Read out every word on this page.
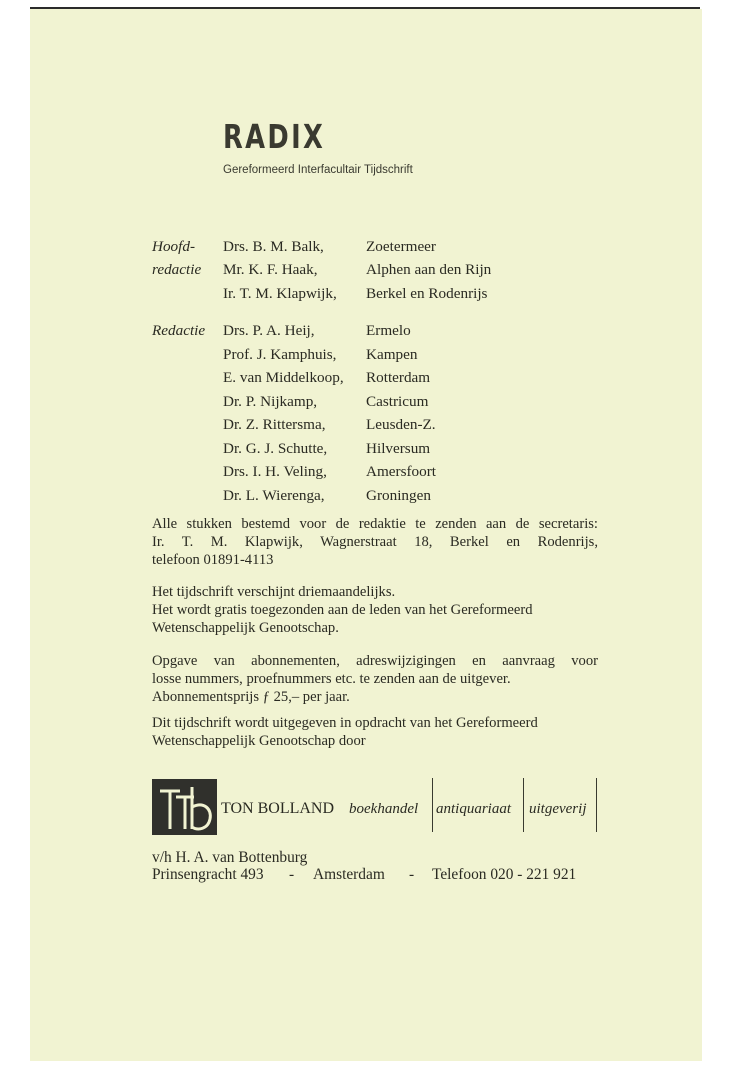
RADIX
Gereformeerd Interfacultair Tijdschrift
Hoofd-
redactie
Drs. B. M. Balk,	Zoetermeer
Mr. K. F. Haak,	Alphen aan den Rijn
Ir. T. M. Klapwijk, Berkel en Rodenrijs
Redactie Drs. P. A. Heij,	Ermelo
Prof. J. Kamphuis, Kampen
E. van Middelkoop, Rotterdam
Dr. P. Nijkamp,	Castricum
Dr. Z. Rittersma,	Leusden-Z.
Dr. G. J. Schutte,	Hilversum
Drs. I. H. Veling,	Amersfoort
Dr. L. Wierenga,	Groningen
Alle stukken bestemd voor de redaktie te zenden aan de secretaris:
Ir. T. M. Klapwijk, Wagnerstraat 18, Berkel en Rodenrijs,
telefoon 01891-4113
Het tijdschrift verschijnt driemaandelijks.
Het wordt gratis toegezonden aan de leden van het Gereformeerd
Wetenschappelijk Genootschap.
Opgave van abonnementen, adreswijzigingen en aanvraag voor
losse nummers, proefnummers etc. te zenden aan de uitgever.
Abonnementsprijs ƒ 25,– per jaar.
Dit tijdschrift wordt uitgegeven in opdracht van het Gereformeerd
Wetenschappelijk Genootschap door
TON BOLLAND boekhandel antiquariaat uitgeverij
v/h H. A. van Bottenburg
Prinsengracht 493 - Amsterdam - Telefoon 020 - 221 921
